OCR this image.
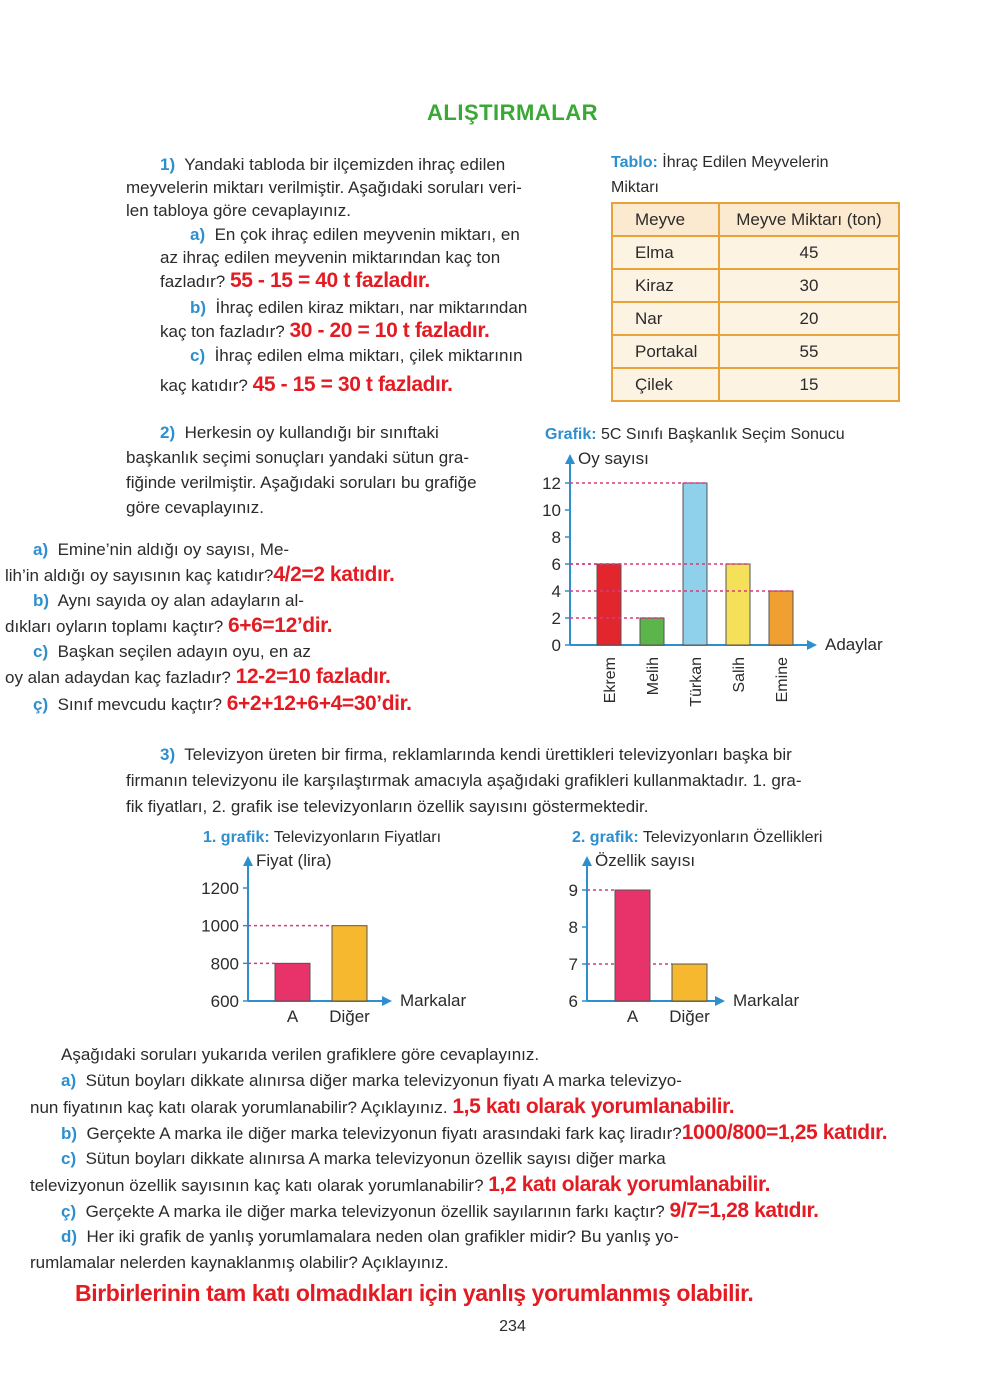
ALIŞTIRMALAR
1) Yandaki tabloda bir ilçemizden ihraç edilen
meyvelerin miktarı verilmiştir. Aşağıdaki soruları veri-
len tabloya göre cevaplayınız.
a) En çok ihraç edilen meyvenin miktarı, en
az ihraç edilen meyvenin miktarından kaç ton
fazladır? 55 - 15 = 40 t fazladır.
b) İhraç edilen kiraz miktarı, nar miktarından
kaç ton fazladır? 30 - 20 = 10 t fazladır.
c) İhraç edilen elma miktarı, çilek miktarının
kaç katıdır? 45 - 15 = 30 t fazladır.
Tablo: İhraç Edilen Meyvelerin
Miktarı
Meyve	Meyve Miktarı (ton)
Elma	45
Kiraz	30
Nar	20
Portakal	55
Çilek	15
2) Herkesin oy kullandığı bir sınıftaki
başkanlık seçimi sonuçları yandaki sütun gra-
fiğinde verilmiştir. Aşağıdaki soruları bu grafiğe
göre cevaplayınız.
a) Emine’nin aldığı oy sayısı, Me-
lih’in aldığı oy sayısının kaç katıdır?4/2=2 katıdır.
b) Aynı sayıda oy alan adayların al-
dıkları oyların toplamı kaçtır? 6+6=12’dir.
c) Başkan seçilen adayın oyu, en az
oy alan adaydan kaç fazladır? 12-2=10 fazladır.
ç) Sınıf mevcudu kaçtır? 6+2+12+6+4=30’dir.
Grafik: 5C Sınıfı Başkanlık Seçim Sonucu
Oy sayısı
Adaylar
0
2
4
6
8
10
12
Ekrem Melih Türkan Salih Emine
3) Televizyon üreten bir firma, reklamlarında kendi ürettikleri televizyonları başka bir
firmanın televizyonu ile karşılaştırmak amacıyla aşağıdaki grafikleri kullanmaktadır. 1. gra-
fik fiyatları, 2. grafik ise televizyonların özellik sayısını göstermektedir.
1. grafik: Televizyonların Fiyatları
Fiyat (lira)
Markalar
600
800
1000
1200
A Diğer
2. grafik: Televizyonların Özellikleri
Özellik sayısı
Markalar
6
7
8
9
A Diğer
Aşağıdaki soruları yukarıda verilen grafiklere göre cevaplayınız.
a) Sütun boyları dikkate alınırsa diğer marka televizyonun fiyatı A marka televizyo-
nun fiyatının kaç katı olarak yorumlanabilir? Açıklayınız. 1,5 katı olarak yorumlanabilir.
b) Gerçekte A marka ile diğer marka televizyonun fiyatı arasındaki fark kaç liradır?1000/800=1,25 katıdır.
c) Sütun boyları dikkate alınırsa A marka televizyonun özellik sayısı diğer marka
televizyonun özellik sayısının kaç katı olarak yorumlanabilir? 1,2 katı olarak yorumlanabilir.
ç) Gerçekte A marka ile diğer marka televizyonun özellik sayılarının farkı kaçtır? 9/7=1,28 katıdır.
d) Her iki grafik de yanlış yorumlamalara neden olan grafikler midir? Bu yanlış yo-
rumlamalar nelerden kaynaklanmış olabilir? Açıklayınız.
Birbirlerinin tam katı olmadıkları için yanlış yorumlanmış olabilir.
234
